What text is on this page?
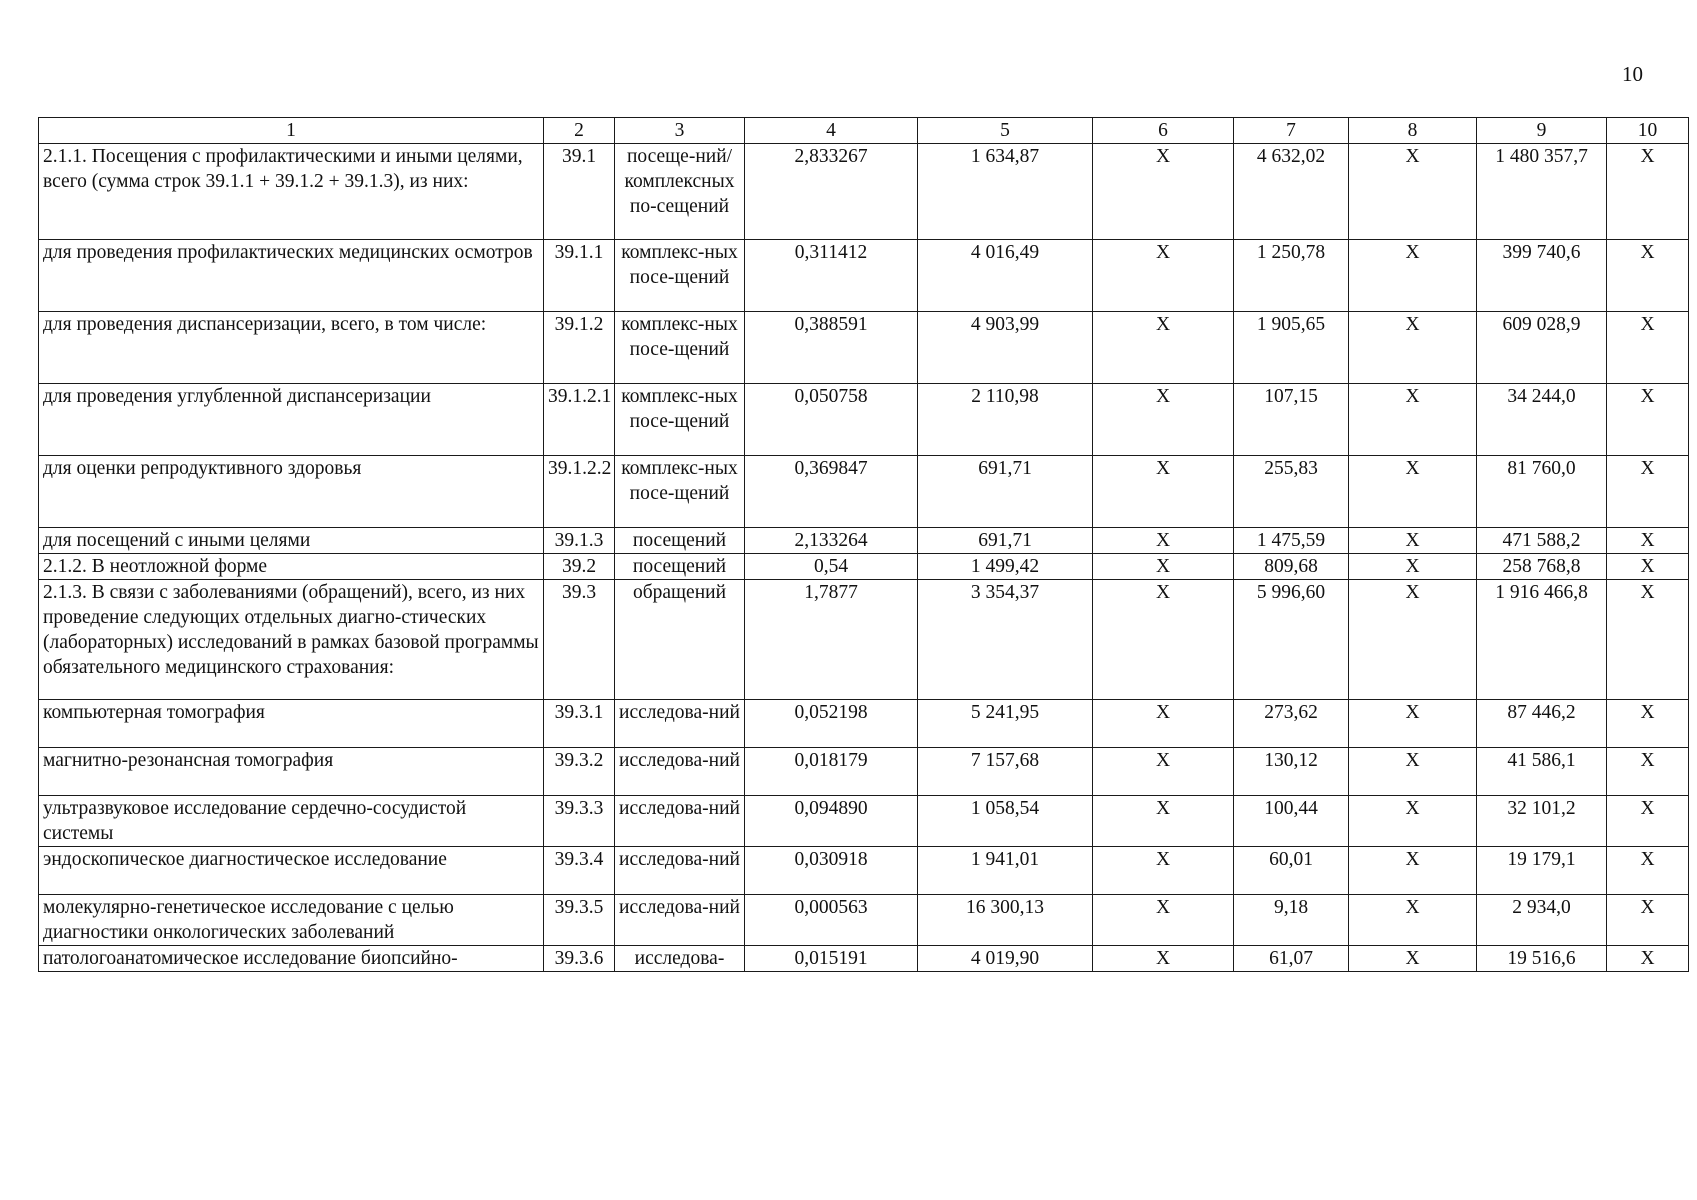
10
1	2	3	4	5	6	7	8	9	10
2.1.1. Посещения с профилактическими и иными целями, всего (сумма строк 39.1.1 + 39.1.2 + 39.1.3), из них:	39.1	посеще-ний/комплексных по-сещений	2,833267	1 634,87	Х	4 632,02	Х	1 480 357,7	Х
для проведения профилактических медицинских осмотров	39.1.1	комплекс-ных посе-щений	0,311412	4 016,49	Х	1 250,78	Х	399 740,6	Х
для проведения диспансеризации, всего, в том числе:	39.1.2	комплекс-ных посе-щений	0,388591	4 903,99	Х	1 905,65	Х	609 028,9	Х
для проведения углубленной диспансеризации	39.1.2.1	комплекс-ных посе-щений	0,050758	2 110,98	Х	107,15	Х	34 244,0	Х
для оценки репродуктивного здоровья	39.1.2.2	комплекс-ных посе-щений	0,369847	691,71	Х	255,83	Х	81 760,0	Х
для посещений с иными целями	39.1.3	посещений	2,133264	691,71	Х	1 475,59	Х	471 588,2	Х
2.1.2. В неотложной форме	39.2	посещений	0,54	1 499,42	Х	809,68	Х	258 768,8	Х
2.1.3. В связи с заболеваниями (обращений), всего, из них проведение следующих отдельных диагно-стических (лабораторных) исследований в рамках базовой программы обязательного медицинского страхования:	39.3	обращений	1,7877	3 354,37	Х	5 996,60	Х	1 916 466,8	Х
компьютерная томография	39.3.1	исследова-ний	0,052198	5 241,95	Х	273,62	Х	87 446,2	Х
магнитно-резонансная томография	39.3.2	исследова-ний	0,018179	7 157,68	Х	130,12	Х	41 586,1	Х
ультразвуковое исследование сердечно-сосудистой системы	39.3.3	исследова-ний	0,094890	1 058,54	Х	100,44	Х	32 101,2	Х
эндоскопическое диагностическое исследование	39.3.4	исследова-ний	0,030918	1 941,01	Х	60,01	Х	19 179,1	Х
молекулярно-генетическое исследование с целью диагностики онкологических заболеваний	39.3.5	исследова-ний	0,000563	16 300,13	Х	9,18	Х	2 934,0	Х
патологоанатомическое исследование биопсийно-	39.3.6	исследова-	0,015191	4 019,90	Х	61,07	Х	19 516,6	Х
